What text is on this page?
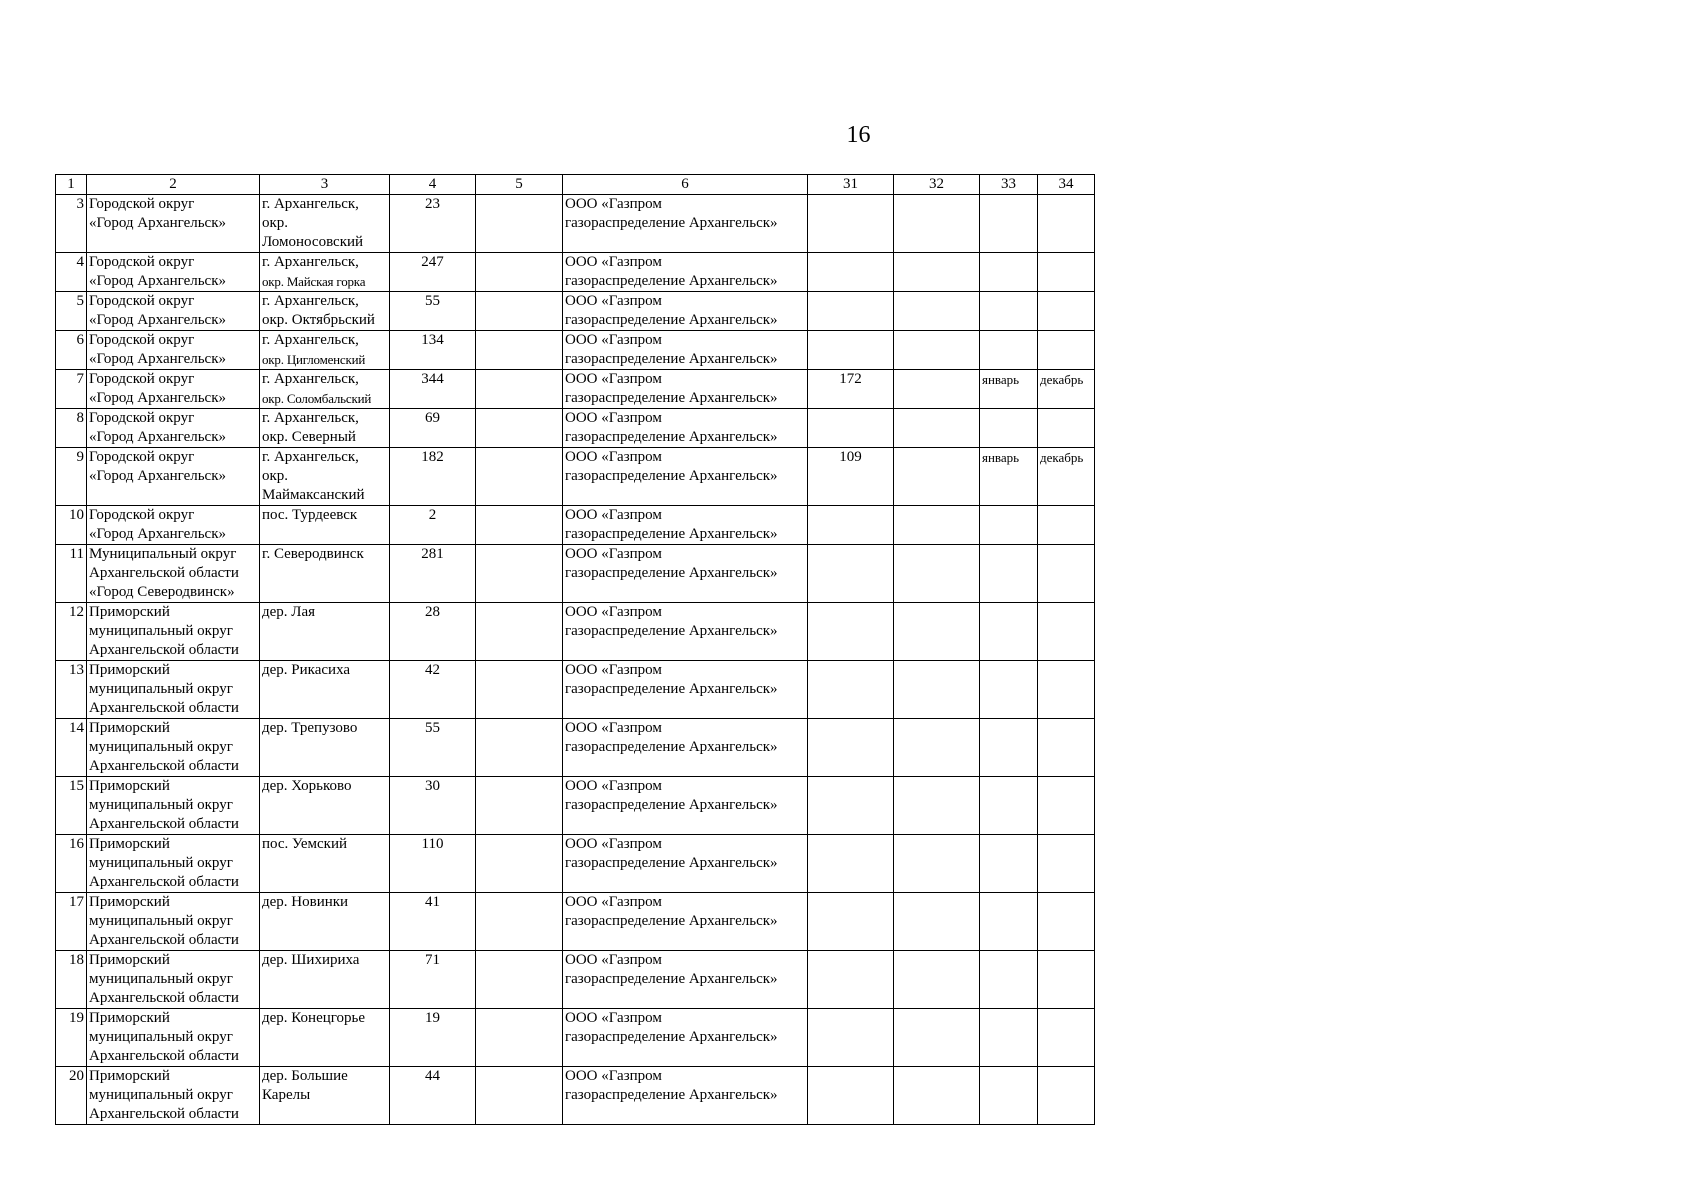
16
1	2	3	4	5	6	31	32	33	34
3	Городской округ
«Город Архангельск»	г. Архангельск,
окр.
Ломоносовский	23		ООО «Газпром
газораспределение Архангельск»				

4	Городской округ
«Город Архангельск»	г. Архангельск,
окр. Майская горка	247		ООО «Газпром
газораспределение Архангельск»				

5	Городской округ
«Город Архангельск»	г. Архангельск,
окр. Октябрьский	55		ООО «Газпром
газораспределение Архангельск»				

6	Городской округ
«Город Архангельск»	г. Архангельск,
окр. Цигломенский	134		ООО «Газпром
газораспределение Архангельск»				

7	Городской округ
«Город Архангельск»	г. Архангельск,
окр. Соломбальский	344		ООО «Газпром
газораспределение Архангельск»	172		январь	декабрь
8	Городской округ
«Город Архангельск»	г. Архангельск,
окр. Северный	69		ООО «Газпром
газораспределение Архангельск»				

9	Городской округ
«Город Архангельск»	г. Архангельск,
окр.
Маймаксанский	182		ООО «Газпром
газораспределение Архангельск»	109		январь	декабрь
10	Городской округ
«Город Архангельск»	пос. Турдеевск	2		ООО «Газпром
газораспределение Архангельск»				

11	Муниципальный округ
Архангельской области
«Город Северодвинск»	г. Северодвинск	281		ООО «Газпром
газораспределение Архангельск»				

12	Приморский
муниципальный округ
Архангельской области	дер. Лая	28		ООО «Газпром
газораспределение Архангельск»				

13	Приморский
муниципальный округ
Архангельской области	дер. Рикасиха	42		ООО «Газпром
газораспределение Архангельск»				

14	Приморский
муниципальный округ
Архангельской области	дер. Трепузово	55		ООО «Газпром
газораспределение Архангельск»				

15	Приморский
муниципальный округ
Архангельской области	дер. Хорьково	30		ООО «Газпром
газораспределение Архангельск»				

16	Приморский
муниципальный округ
Архангельской области	пос. Уемский	110		ООО «Газпром
газораспределение Архангельск»				

17	Приморский
муниципальный округ
Архангельской области	дер. Новинки	41		ООО «Газпром
газораспределение Архангельск»				

18	Приморский
муниципальный округ
Архангельской области	дер. Шихириха	71		ООО «Газпром
газораспределение Архангельск»				

19	Приморский
муниципальный округ
Архангельской области	дер. Конецгорье	19		ООО «Газпром
газораспределение Архангельск»				

20	Приморский
муниципальный округ
Архангельской области	дер. Большие
Карелы	44		ООО «Газпром
газораспределение Архангельск»				
